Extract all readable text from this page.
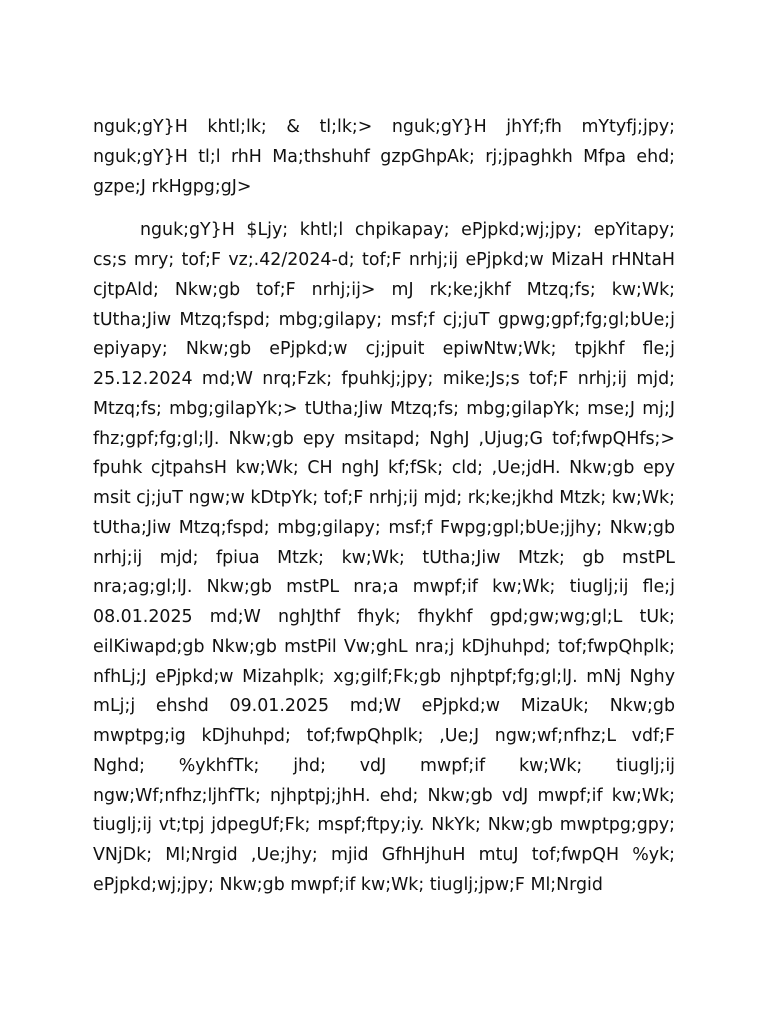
nguk;gY}H khtl;lk; & tl;lk;> nguk;gY}H jhYf;fh mYtyfj;jpy; nguk;gY}H tl;l rhH Ma;thshuhf gzpGhpAk; rj;jpaghkh Mfpa ehd; gzpe;J rkHgpg;gJ>

nguk;gY}H $Ljy; khtl;l chpikapay; ePjpkd;wj;jpy; epYitapy; cs;s mry; tof;F vz;.42/2024-d; tof;F nrhj;ij ePjpkd;w MizaH rHNtaH cjtpAld; Nkw;gb tof;F nrhj;ij> mJ rk;ke;jkhf Mtzq;fs; kw;Wk; tUtha;Jiw Mtzq;fspd; mbg;gilapy; msf;f cj;juT gpwg;gpf;fg;gl;bUe;j epiyapy; Nkw;gb ePjpkd;w cj;jpuit epiwNtw;Wk; tpjkhf fle;j 25.12.2024 md;W nrq;Fzk; fpuhkj;jpy; mike;Js;s tof;F nrhj;ij mjd; Mtzq;fs; mbg;gilapYk;> tUtha;Jiw Mtzq;fs; mbg;gilapYk; mse;J mj;J fhz;gpf;fg;gl;lJ. Nkw;gb epy msitapd; NghJ ,Ujug;G tof;fwpQHfs;> fpuhk cjtpahsH kw;Wk; CH nghJ kf;fSk; cld; ,Ue;jdH. Nkw;gb epy msit cj;juT ngw;w kDtpYk; tof;F nrhj;ij mjd; rk;ke;jkhd Mtzk; kw;Wk; tUtha;Jiw Mtzq;fspd; mbg;gilapy; msf;f Fwpg;gpl;bUe;jjhy; Nkw;gb nrhj;ij mjd; fpiua Mtzk; kw;Wk; tUtha;Jiw Mtzk; gb mstPL nra;ag;gl;lJ. Nkw;gb mstPL nra;a mwpf;if kw;Wk; tiuglj;ij fle;j 08.01.2025 md;W nghJthf fhyk; fhykhf gpd;gw;wg;gl;L tUk; eilKiwapd;gb Nkw;gb mstPil Vw;ghL nra;j kDjhuhpd; tof;fwpQhplk; nfhLj;J ePjpkd;w Mizahplk; xg;gilf;Fk;gb njhptpf;fg;gl;lJ. mNj Nghy mLj;j ehshd 09.01.2025 md;W ePjpkd;w MizaUk; Nkw;gb mwptpg;ig kDjhuhpd; tof;fwpQhplk; ,Ue;J ngw;wf;nfhz;L vdf;F Nghd; %ykhfTk; jhd; vdJ mwpf;if kw;Wk; tiuglj;ij ngw;Wf;nfhz;ljhfTk; njhptpj;jhH. ehd; Nkw;gb vdJ mwpf;if kw;Wk; tiuglj;ij vt;tpj jdpegUf;Fk; mspf;ftpy;iy. NkYk; Nkw;gb mwptpg;gpy; VNjDk; Ml;Nrgid ,Ue;jhy; mjid GfhHjhuH mtuJ tof;fwpQH %yk; ePjpkd;wj;jpy; Nkw;gb mwpf;if kw;Wk; tiuglj;jpw;F Ml;Nrgid
